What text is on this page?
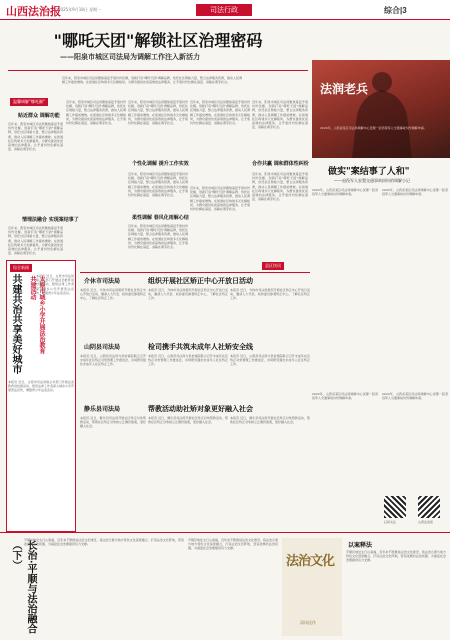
山西法治报
2025年9月18日 星期一	司法行政	综合|3
"哪吒天团"解锁社区治理密码
——阳泉市城区司法局为调解工作注入新活力
温馨调解"哪吒圈"
近年来，阳泉市城区司法局聚焦基层矛盾纠纷化解，创新打造"哪吒天团"调解品牌，依托社区网格力量，整合法律服务资源，推动人民调解工作提质增效。在街道社区构建多元化解格局，为群众提供优质高效的法律服务，让矛盾纠纷化解在基层、消除在萌芽状态。
贴近群众 调解功能
近年来，阳泉市城区司法局聚焦基层矛盾纠纷化解，创新打造"哪吒天团"调解品牌，依托社区网格力量，整合法律服务资源，推动人民调解工作提质增效。在街道社区构建多元化解格局，为群众提供优质高效的法律服务，让矛盾纠纷化解在基层、消除在萌芽状态。
情理法融合 实现案结事了
近年来，阳泉市城区司法局聚焦基层矛盾纠纷化解，创新打造"哪吒天团"调解品牌，依托社区网格力量，整合法律服务资源，推动人民调解工作提质增效。在街道社区构建多元化解格局，为群众提供优质高效的法律服务，让矛盾纠纷化解在基层、消除在萌芽状态。
近年来，阳泉市城区司法局聚焦基层矛盾纠纷化解，创新打造"哪吒天团"调解品牌，依托社区网格力量，整合法律服务资源，推动人民调解工作提质增效。在街道社区构建多元化解格局，为群众提供优质高效的法律服务，让矛盾纠纷化解在基层、消除在萌芽状态。
个性化调解 提升工作实效
近年来，阳泉市城区司法局聚焦基层矛盾纠纷化解，创新打造"哪吒天团"调解品牌，依托社区网格力量，整合法律服务资源，推动人民调解工作提质增效。在街道社区构建多元化解格局，为群众提供优质高效的法律服务，让矛盾纠纷化解在基层、消除在萌芽状态。
近年来，阳泉市城区司法局聚焦基层矛盾纠纷化解，创新打造"哪吒天团"调解品牌，依托社区网格力量，整合法律服务资源，推动人民调解工作提质增效。在街道社区构建多元化解格局，为群众提供优质高效的法律服务，让矛盾纠纷化解在基层、消除在萌芽状态。
柔性调解 春风化雨解心结
近年来，阳泉市城区司法局聚焦基层矛盾纠纷化解，创新打造"哪吒天团"调解品牌，依托社区网格力量，整合法律服务资源，推动人民调解工作提质增效。在街道社区构建多元化解格局，为群众提供优质高效的法律服务，让矛盾纠纷化解在基层、消除在萌芽状态。
近年来，阳泉市城区司法局聚焦基层矛盾纠纷化解，创新打造"哪吒天团"调解品牌，依托社区网格力量，整合法律服务资源，推动人民调解工作提质增效。在街道社区构建多元化解格局，为群众提供优质高效的法律服务，让矛盾纠纷化解在基层、消除在萌芽状态。
合作共赢 调和群体性纠纷
近年来，阳泉市城区司法局聚焦基层矛盾纠纷化解，创新打造"哪吒天团"调解品牌，依托社区网格力量，整合法律服务资源，推动人民调解工作提质增效。在街道社区构建多元化解格局，为群众提供优质高效的法律服务，让矛盾纠纷化解在基层、消除在萌芽状态。
近年来，阳泉市城区司法局聚焦基层矛盾纠纷化解，创新打造"哪吒天团"调解品牌，依托社区网格力量，整合法律服务资源，推动人民调解工作提质增效。在街道社区构建多元化解格局，为群众提供优质高效的法律服务，让矛盾纠纷化解在基层、消除在萌芽状态。
近年来，阳泉市城区司法局聚焦基层矛盾纠纷化解，创新打造"哪吒天团"调解品牌，依托社区网格力量，整合法律服务资源，推动人民调解工作提质增效。在街道社区构建多元化解格局，为群众提供优质高效的法律服务，让矛盾纠纷化解在基层、消除在萌芽状态。
法润老兵
2024年，山西省某区司法局调解中心受理一起退役军人交通事故纠纷调解申请。
做实"案结事了人和"
——退役军人安置交通事故纠纷的调解小记
2024年，山西省某区司法局调解中心受理一起退役军人交通事故纠纷调解申请。
2024年，山西省某区司法局调解中心受理一起退役军人交通事故纠纷调解申请。
综合新闻
太原市城乡小学开展法治教育共建活动
共建共治共享美好城市	本报讯 近日，太原市司法局联合多部门开展法治教育进校园活动，组织法律工作者深入城乡小学开展普法宣传，增强青少年法治意识。
本报讯 近日，太原市司法局联合多部门开展法治教育进校园活动，组织法律工作者深入城乡小学开展普法宣传，增强青少年法治意识。
县区快讯
介休市司法局	组织开展社区矫正中心开放日活动
本报讯 近日，介休市司法局组织开展社区矫正中心开放日活动，邀请人大代表、政协委员参观矫正中心，了解社区矫正工作。
本报讯 近日，介休市司法局组织开展社区矫正中心开放日活动，邀请人大代表、政协委员参观矫正中心，了解社区矫正工作。
本报讯 近日，介休市司法局组织开展社区矫正中心开放日活动，邀请人大代表、政协委员参观矫正中心，了解社区矫正工作。
山阴县司法局	检司携手共筑未成年人社矫安全线
本报讯 近日，山阴县司法局与县检察院联合召开未成年社区矫正对象管理工作推进会，共同研究强化未成年人社区矫正工作。
本报讯 近日，山阴县司法局与县检察院联合召开未成年社区矫正对象管理工作推进会，共同研究强化未成年人社区矫正工作。
本报讯 近日，山阴县司法局与县检察院联合召开未成年社区矫正对象管理工作推进会，共同研究强化未成年人社区矫正工作。
静乐县司法局	帮教活动助社矫对象更好融入社会
本报讯 近日，静乐县司法局开展社区矫正对象帮教活动，帮助社区矫正对象树立正确价值观，更好融入社会。
本报讯 近日，静乐县司法局开展社区矫正对象帮教活动，帮助社区矫正对象树立正确价值观，更好融入社会。
本报讯 近日，静乐县司法局开展社区矫正对象帮教活动，帮助社区矫正对象树立正确价值观，更好融入社会。
2024年，山西省某区司法局调解中心受理一起退役军人交通事故纠纷调解申请。
2024年，山西省某区司法局调解中心受理一起退役军人交通事故纠纷调解申请。
扫码关注	山西法治报
长治·平顺与法治融合（下）	平顺县地处太行山南端，近年来不断推进法治文化建设，将法治元素与地方特色文化深度融合，打造法治文化阵地，营造浓厚的法治氛围，为基层社会治理提供有力支撑。
平顺县地处太行山南端，近年来不断推进法治文化建设，将法治元素与地方特色文化深度融合，打造法治文化阵地，营造浓厚的法治氛围，为基层社会治理提供有力支撑。
法治文化
清风佳作
以案释法
平顺县地处太行山南端，近年来不断推进法治文化建设，将法治元素与地方特色文化深度融合，打造法治文化阵地，营造浓厚的法治氛围，为基层社会治理提供有力支撑。
